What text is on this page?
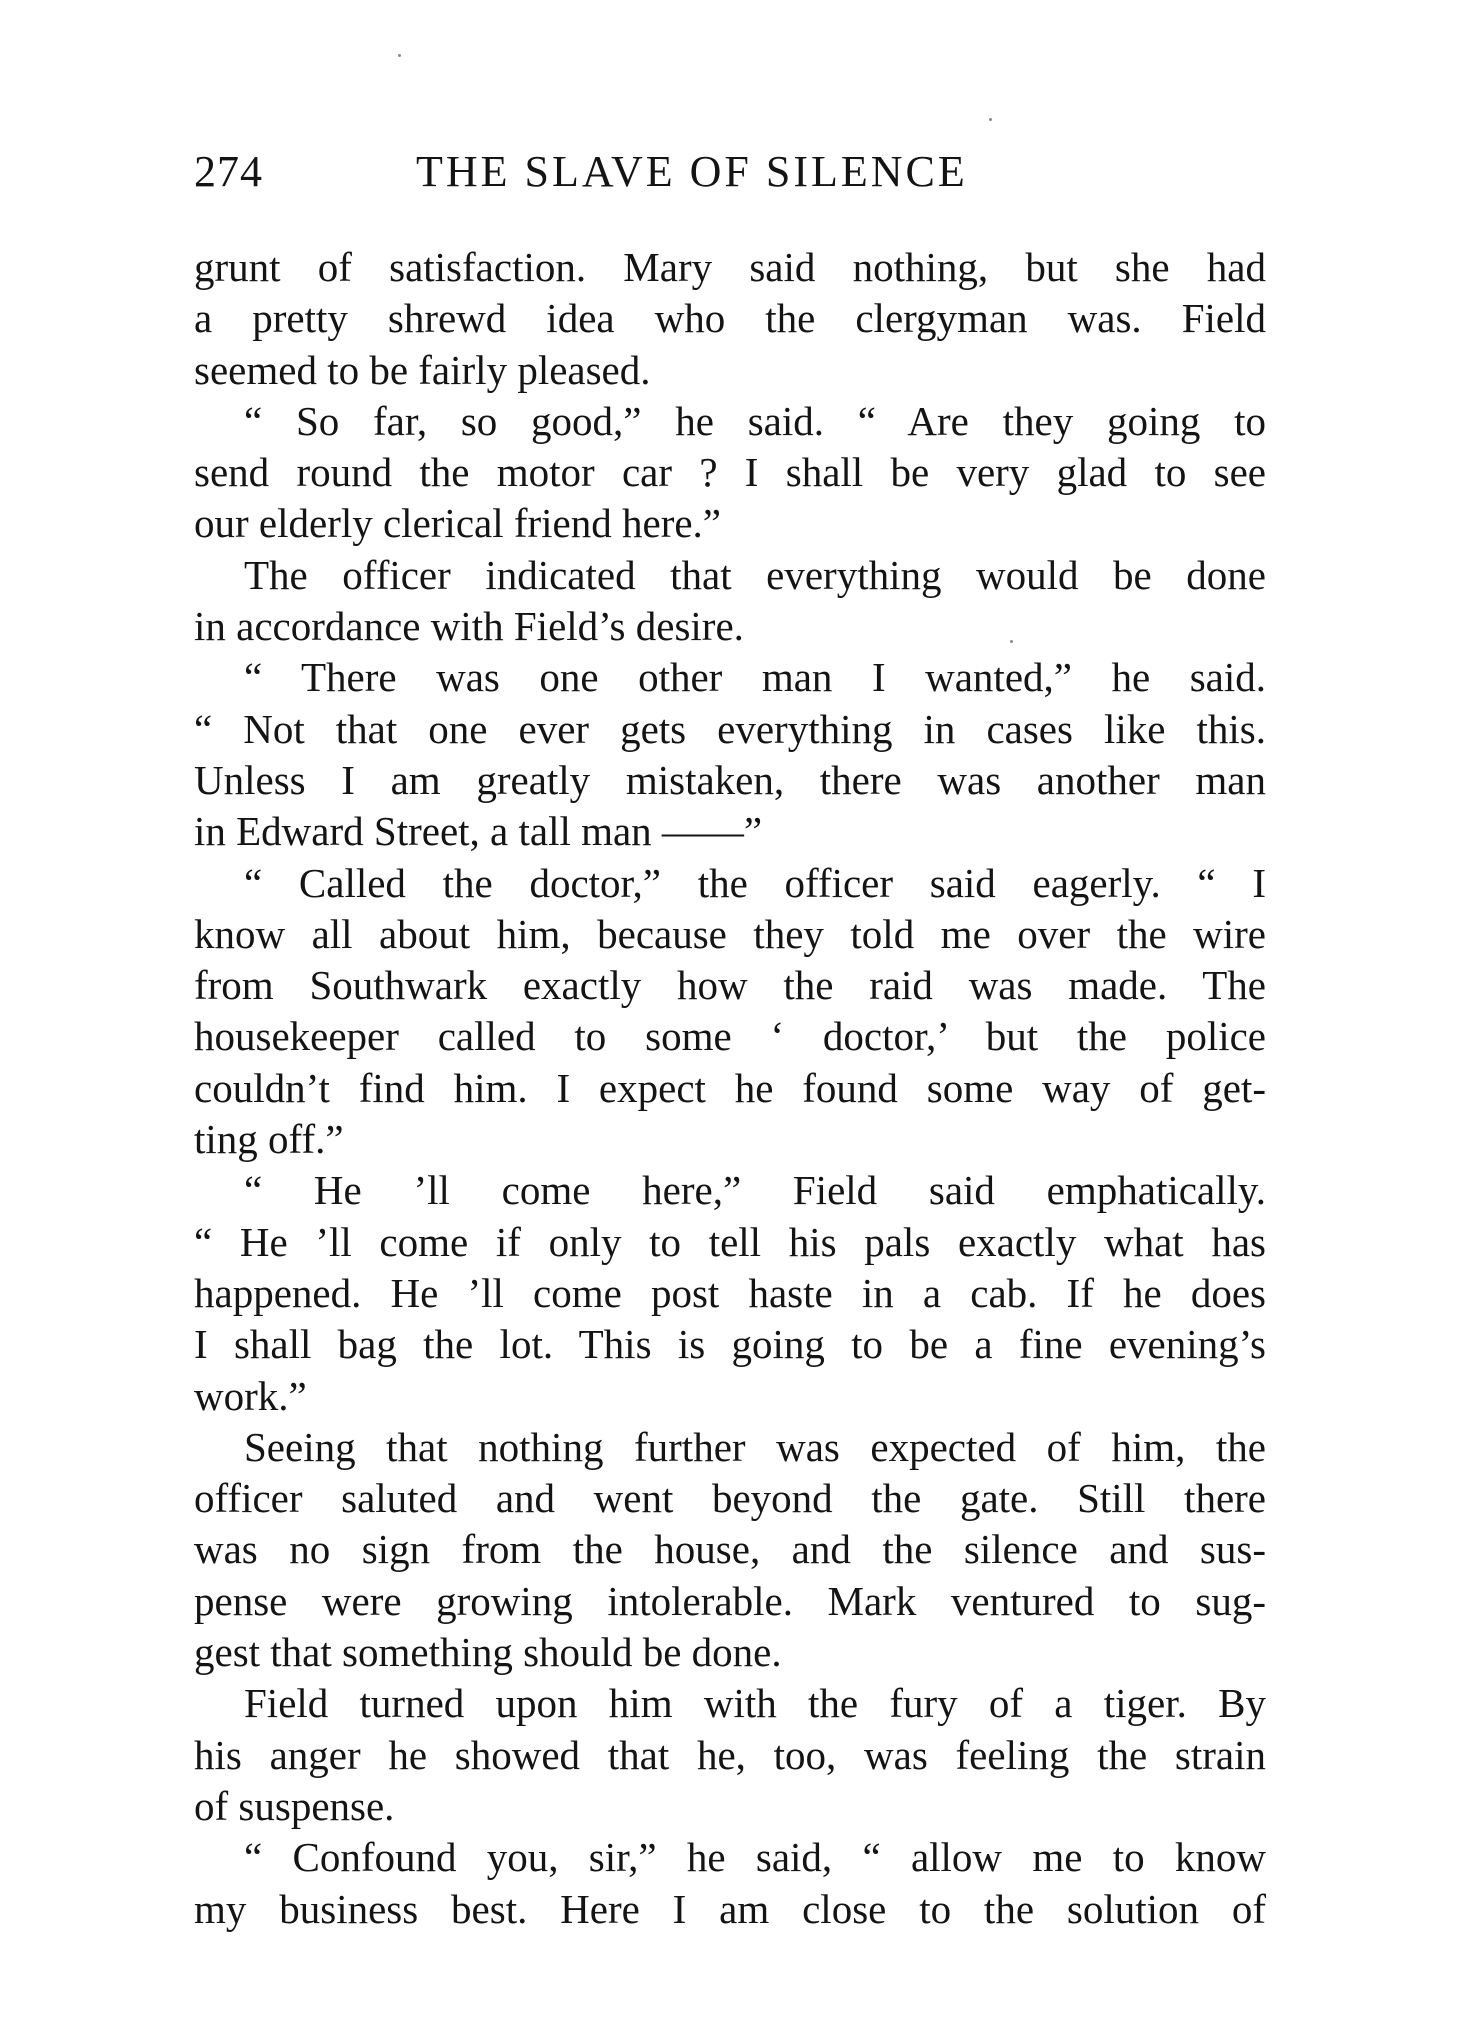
274	THE SLAVE OF SILENCE
grunt of satisfaction. Mary said nothing, but she had
a pretty shrewd idea who the clergyman was. Field
seemed to be fairly pleased.
“ So far, so good,” he said. “ Are they going to
send round the motor car ? I shall be very glad to see
our elderly clerical friend here.”
The officer indicated that everything would be done
in accordance with Field’s desire.
“ There was one other man I wanted,” he said.
“ Not that one ever gets everything in cases like this.
Unless I am greatly mistaken, there was another man
in Edward Street, a tall man ——”
“ Called the doctor,” the officer said eagerly. “ I
know all about him, because they told me over the wire
from Southwark exactly how the raid was made. The
housekeeper called to some ‘ doctor,’ but the police
couldn’t find him. I expect he found some way of get-
ting off.”
“ He ’ll come here,” Field said emphatically.
“ He ’ll come if only to tell his pals exactly what has
happened. He ’ll come post haste in a cab. If he does
I shall bag the lot. This is going to be a fine evening’s
work.”
Seeing that nothing further was expected of him, the
officer saluted and went beyond the gate. Still there
was no sign from the house, and the silence and sus-
pense were growing intolerable. Mark ventured to sug-
gest that something should be done.
Field turned upon him with the fury of a tiger. By
his anger he showed that he, too, was feeling the strain
of suspense.
“ Confound you, sir,” he said, “ allow me to know
my business best. Here I am close to the solution of
